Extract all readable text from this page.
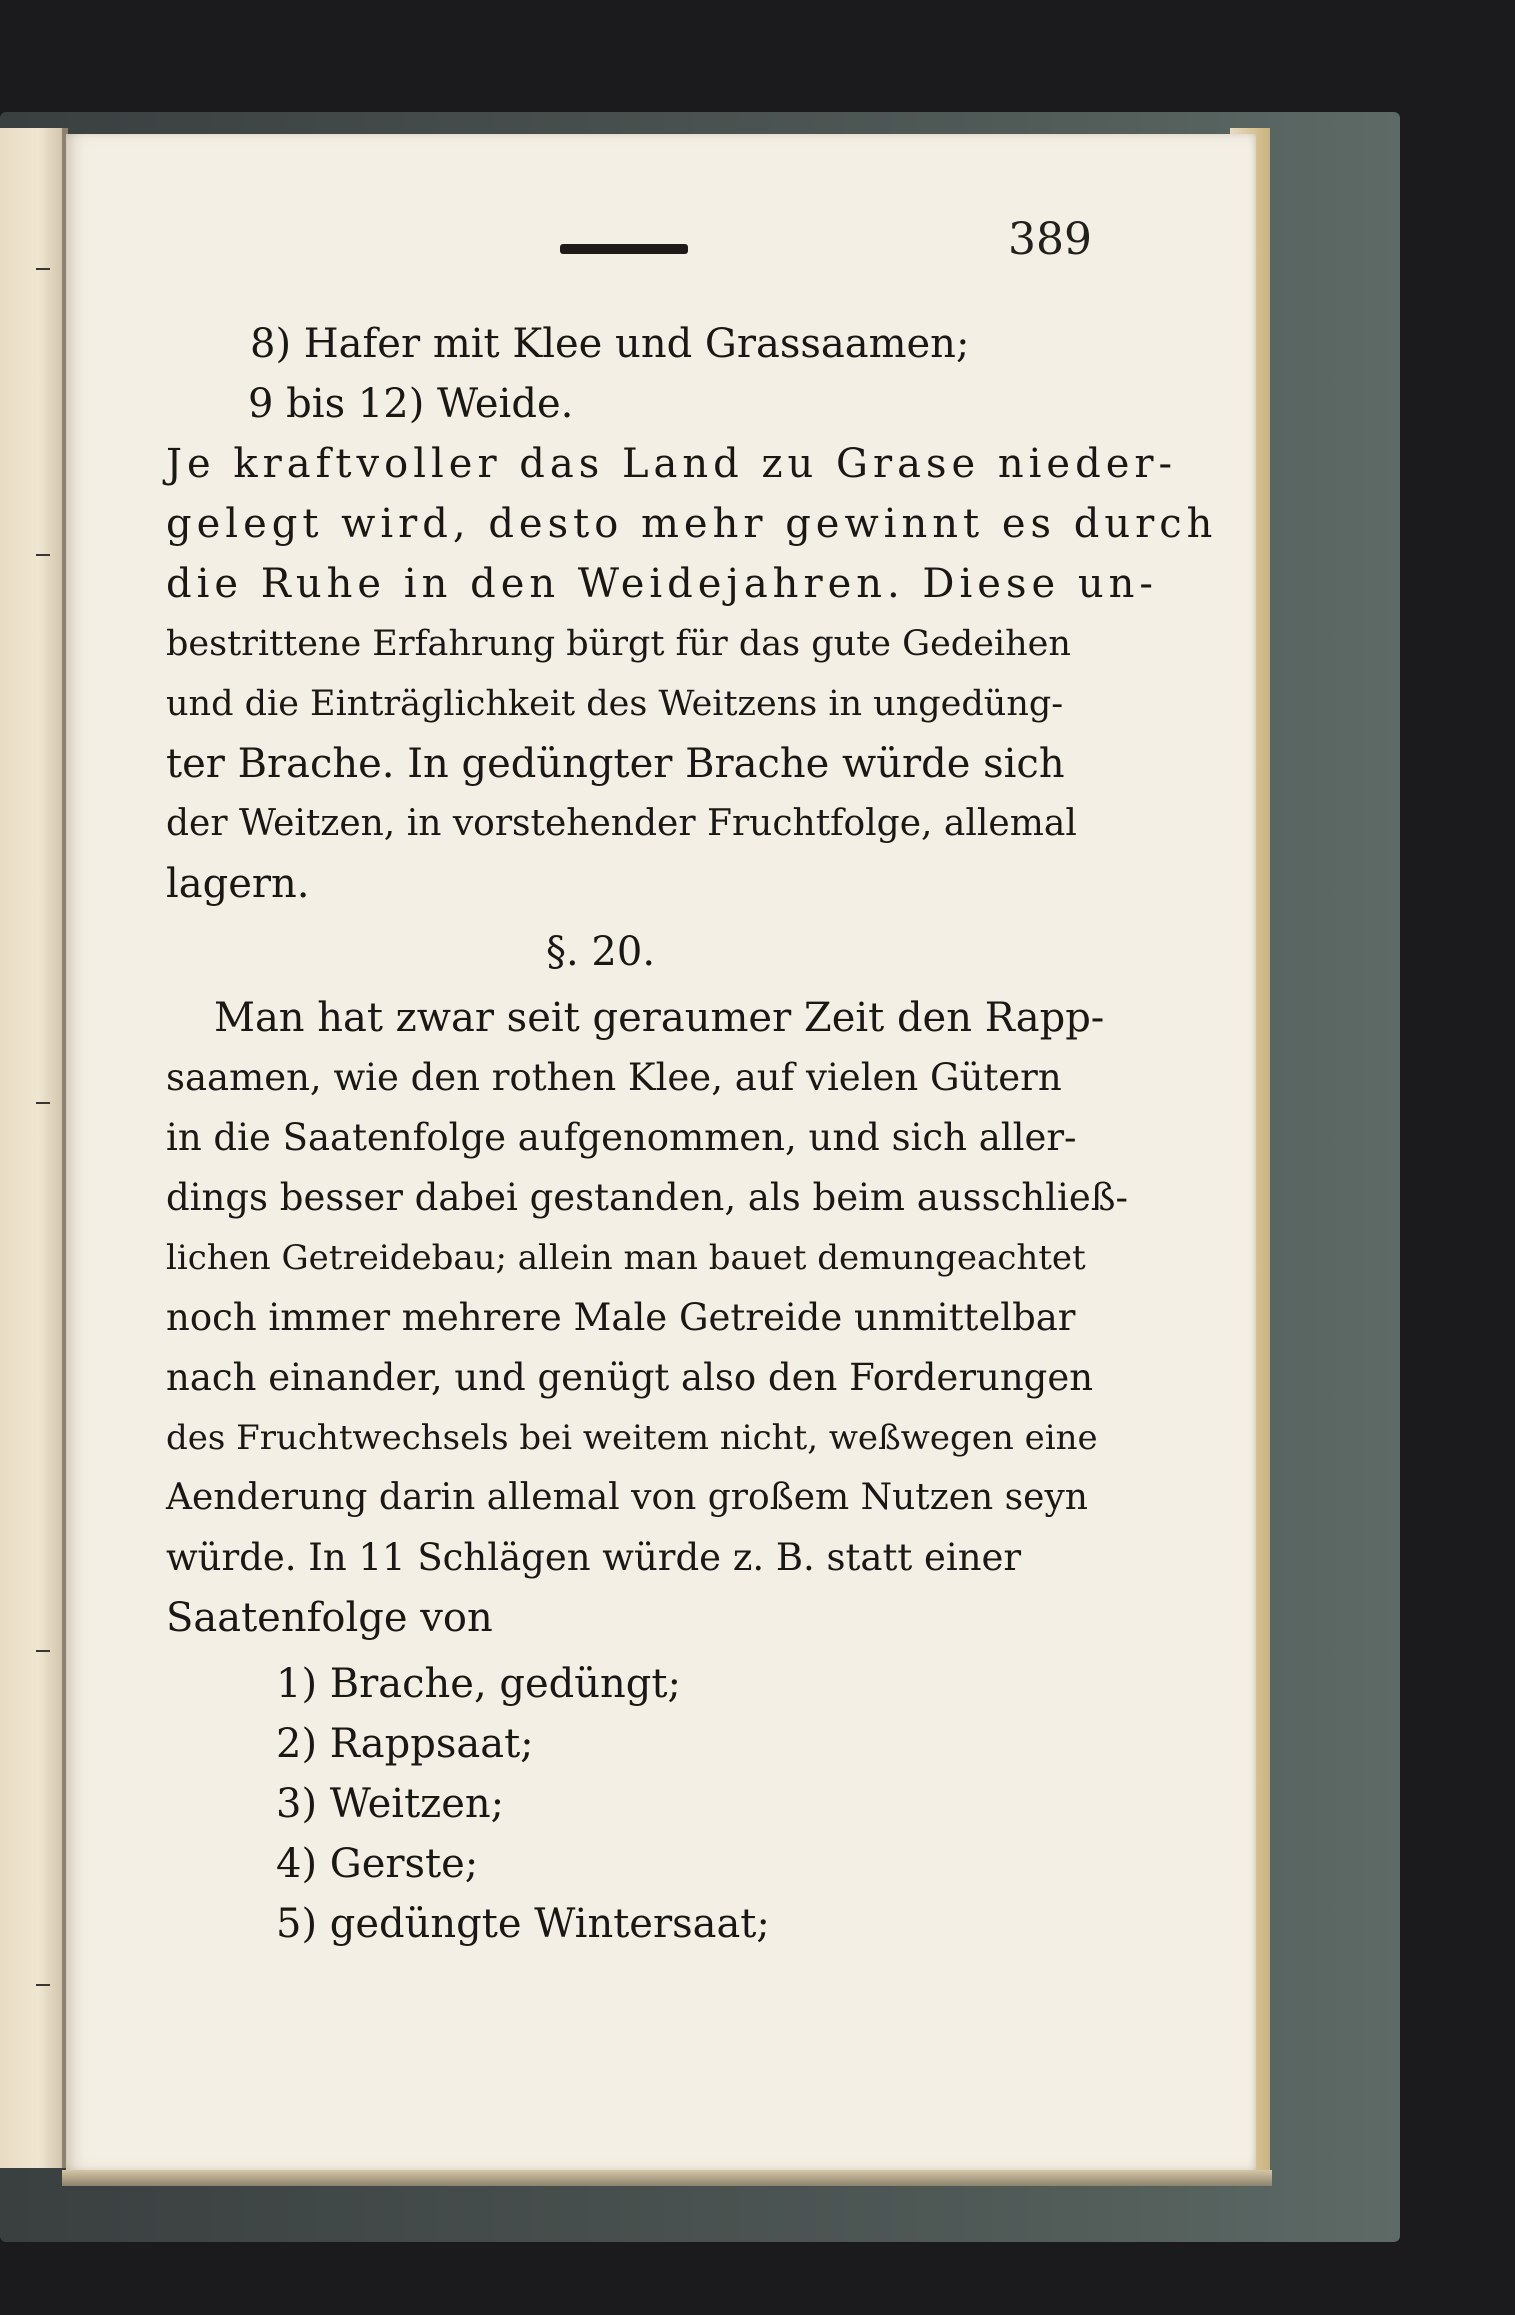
389
8) Hafer mit Klee und Grassaamen;
9 bis 12) Weide.
Je kraftvoller das Land zu Grase nieder-
gelegt wird, desto mehr gewinnt es durch
die Ruhe in den Weidejahren. Diese un-
bestrittene Erfahrung bürgt für das gute Gedeihen
und die Einträglichkeit des Weitzens in ungedüng-
ter Brache. In gedüngter Brache würde sich
der Weitzen, in vorstehender Fruchtfolge, allemal
lagern.
§. 20.
Man hat zwar seit geraumer Zeit den Rapp-
saamen, wie den rothen Klee, auf vielen Gütern
in die Saatenfolge aufgenommen, und sich aller-
dings besser dabei gestanden, als beim ausschließ-
lichen Getreidebau; allein man bauet demungeachtet
noch immer mehrere Male Getreide unmittelbar
nach einander, und genügt also den Forderungen
des Fruchtwechsels bei weitem nicht, weßwegen eine
Aenderung darin allemal von großem Nutzen seyn
würde. In 11 Schlägen würde z. B. statt einer
Saatenfolge von
1) Brache, gedüngt;
2) Rappsaat;
3) Weitzen;
4) Gerste;
5) gedüngte Wintersaat;
